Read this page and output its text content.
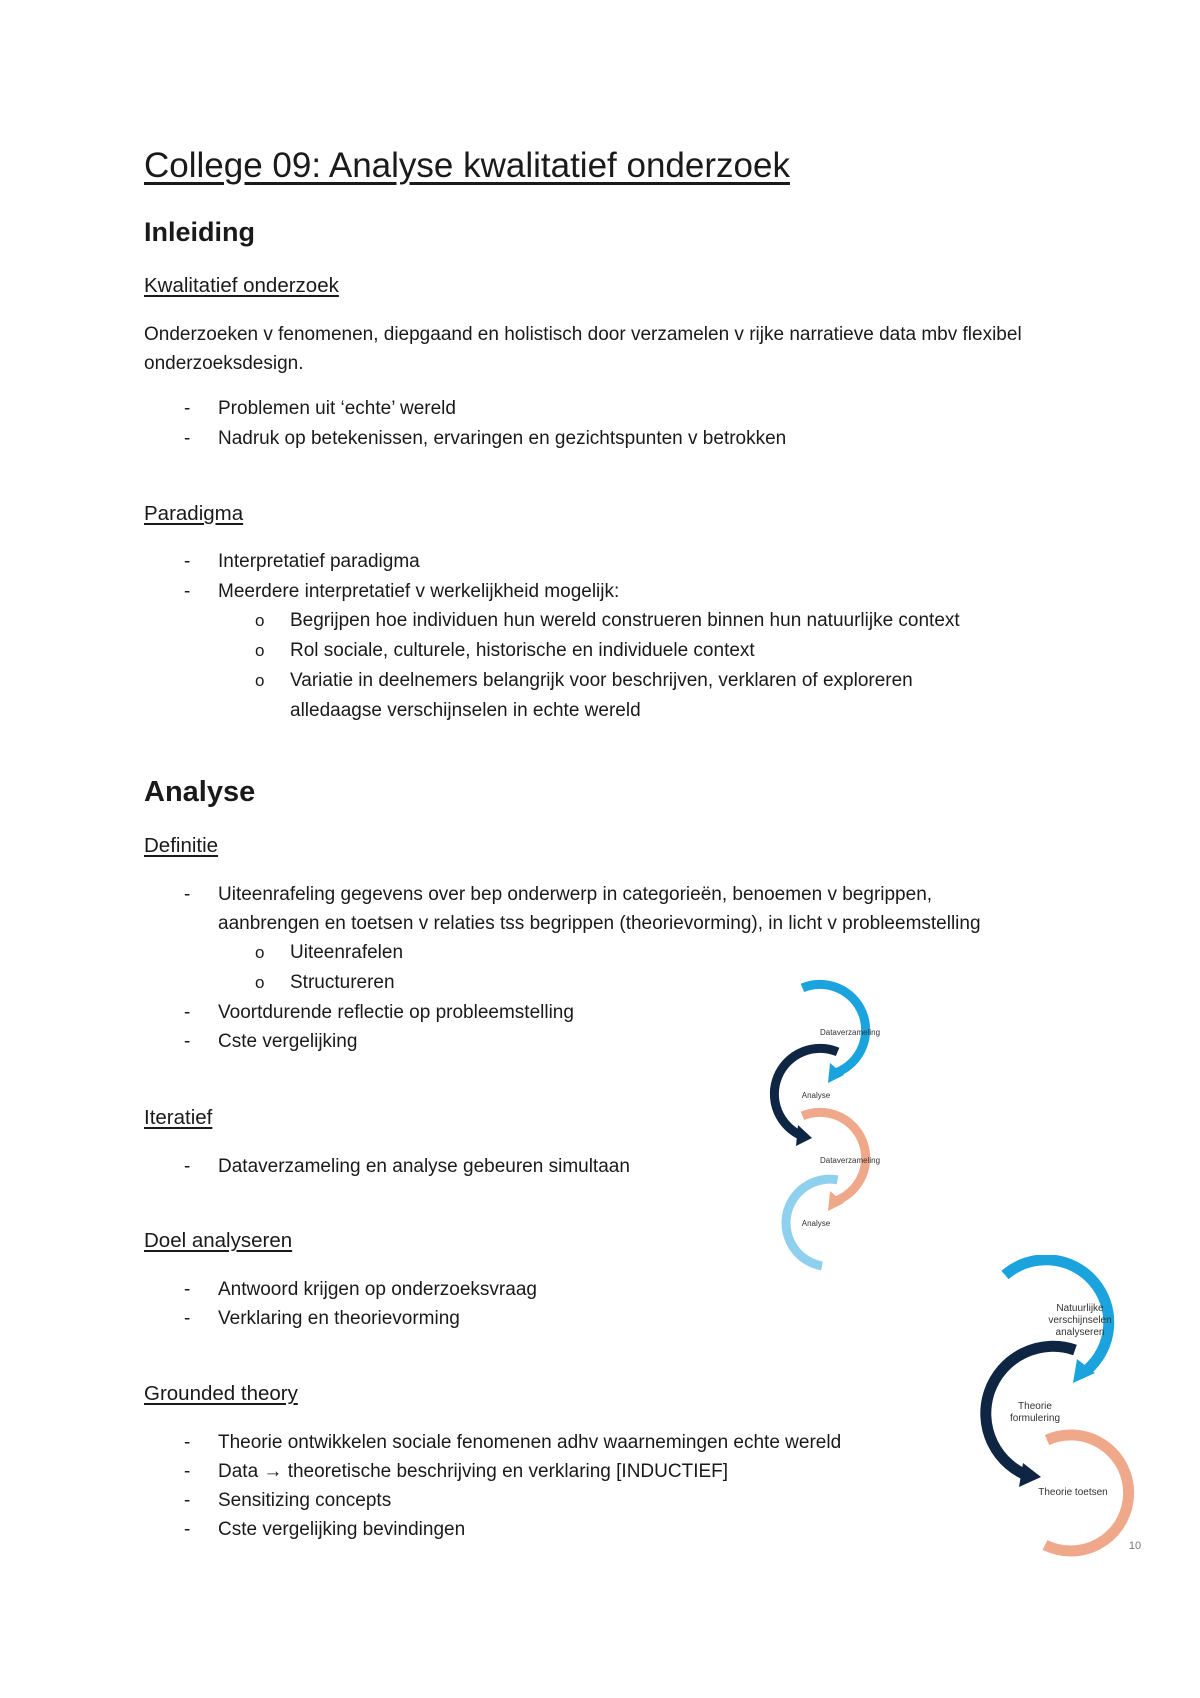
College 09: Analyse kwalitatief onderzoek
Inleiding
Kwalitatief onderzoek

Onderzoeken v fenomenen, diepgaand en holistisch door verzamelen v rijke narratieve data mbv flexibel onderzoeksdesign.

- Problemen uit ‘echte’ wereld
- Nadruk op betekenissen, ervaringen en gezichtspunten v betrokken
Paradigma
- Interpretatief paradigma
- Meerdere interpretatief v werkelijkheid mogelijk:
o Begrijpen hoe individuen hun wereld construeren binnen hun natuurlijke context
o Rol sociale, culturele, historische en individuele context
o Variatie in deelnemers belangrijk voor beschrijven, verklaren of exploreren

alledaagse verschijnselen in echte wereld

Analyse
Definitie
- Uiteenrafeling gegevens over bep onderwerp in categorieën, benoemen v begrippen,

aanbrengen en toetsen v relaties tss begrippen (theorievorming), in licht v probleemstelling

o Uiteenrafelen
o Structureren
- Voortdurende reflectie op probleemstelling
- Cste vergelijking
Iteratief
- Dataverzameling en analyse gebeuren simultaan
Doel analyseren
- Antwoord krijgen op onderzoeksvraag
- Verklaring en theorievorming
Grounded theory
- Theorie ontwikkelen sociale fenomenen adhv waarnemingen echte wereld
- Data → theoretische beschrijving en verklaring [INDUCTIEF]
- Sensitizing concepts
- Cste vergelijking bevindingen
Dataverzameling
Analyse
Dataverzameling
Analyse
Natuurlijke
verschijnselen
analyseren
Theorie
formulering
Theorie toetsen
10
